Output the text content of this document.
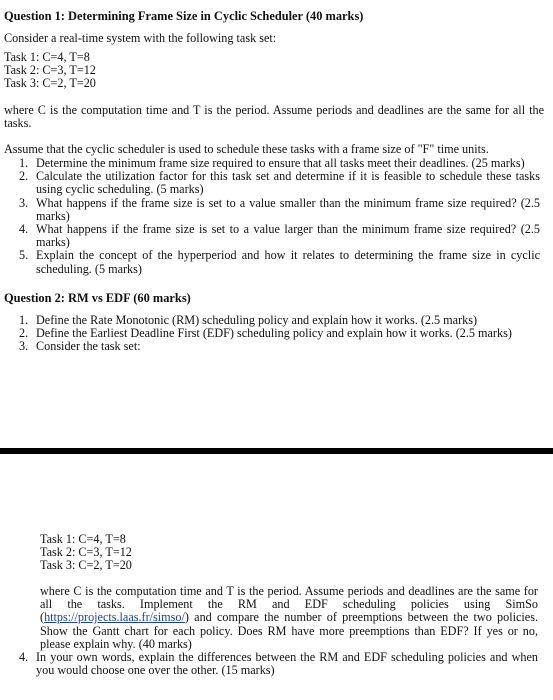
Question 1: Determining Frame Size in Cyclic Scheduler (40 marks)
Consider a real-time system with the following task set:
Task 1: C=4, T=8
Task 2: C=3, T=12
Task 3: C=2, T=20
where C is the computation time and T is the period. Assume periods and deadlines are the same for all the tasks.
Assume that the cyclic scheduler is used to schedule these tasks with a frame size of "F" time units.
1. Determine the minimum frame size required to ensure that all tasks meet their deadlines. (25 marks)
2. Calculate the utilization factor for this task set and determine if it is feasible to schedule these tasks using cyclic scheduling. (5 marks)
3. What happens if the frame size is set to a value smaller than the minimum frame size required? (2.5 marks)
4. What happens if the frame size is set to a value larger than the minimum frame size required? (2.5 marks)
5. Explain the concept of the hyperperiod and how it relates to determining the frame size in cyclic scheduling. (5 marks)
Question 2: RM vs EDF (60 marks)
1. Define the Rate Monotonic (RM) scheduling policy and explain how it works. (2.5 marks)
2. Define the Earliest Deadline First (EDF) scheduling policy and explain how it works. (2.5 marks)
3. Consider the task set:
Task 1: C=4, T=8
Task 2: C=3, T=12
Task 3: C=2, T=20
where C is the computation time and T is the period. Assume periods and deadlines are the same for all the tasks. Implement the RM and EDF scheduling policies using SimSo (https://projects.laas.fr/simso/) and compare the number of preemptions between the two policies. Show the Gantt chart for each policy. Does RM have more preemptions than EDF? If yes or no, please explain why. (40 marks)
4. In your own words, explain the differences between the RM and EDF scheduling policies and when you would choose one over the other. (15 marks)
